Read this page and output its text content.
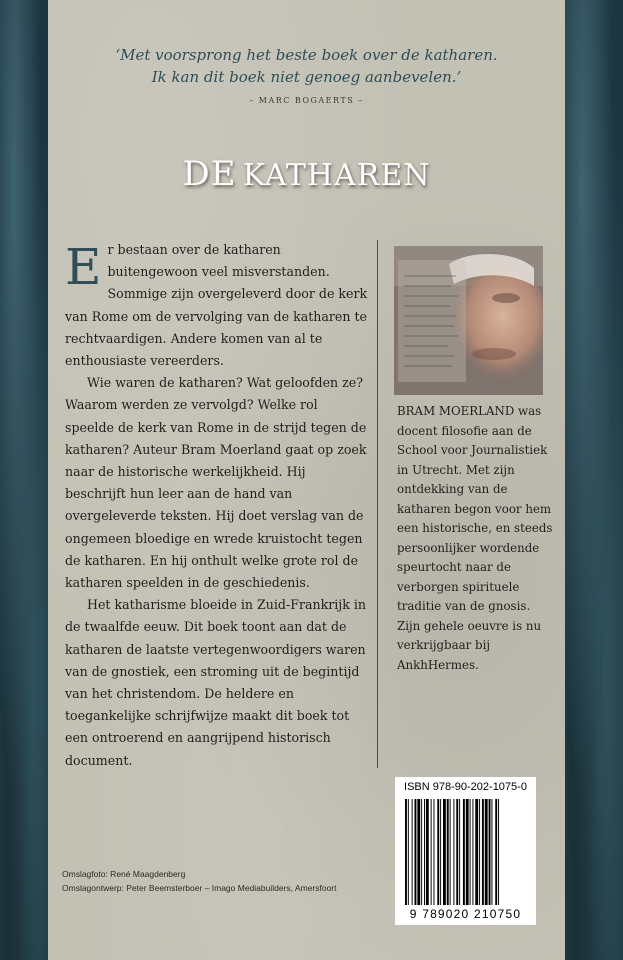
‘Met voorsprong het beste boek over de katharen.
Ik kan dit boek niet genoeg aanbevelen.’
– MARC BOGAERTS –
DE KATHAREN

Er bestaan over de katharen buitengewoon veel misverstanden. Sommige zijn overgeleverd door de kerk van Rome om de vervolging van de katharen te rechtvaardigen. Andere komen van al te enthousiaste vereerders.

Wie waren de katharen? Wat geloofden ze? Waarom werden ze vervolgd? Welke rol speelde de kerk van Rome in de strijd tegen de katharen? Auteur Bram Moerland gaat op zoek naar de historische werkelijkheid. Hij beschrijft hun leer aan de hand van overgeleverde teksten. Hij doet verslag van de ongemeen bloedige en wrede kruistocht tegen de katharen. En hij onthult welke grote rol de katharen speelden in de geschiedenis.

Het katharisme bloeide in Zuid-Frankrijk in de twaalfde eeuw. Dit boek toont aan dat de katharen de laatste vertegenwoordigers waren van de gnostiek, een stroming uit de begintijd van het christendom. De heldere en toegankelijke schrijfwijze maakt dit boek tot een ontroerend en aangrijpend historisch document.

BRAM MOERLAND was docent filosofie aan de School voor Journalistiek in Utrecht. Met zijn ontdekking van de katharen begon voor hem een historische, en steeds persoonlijker wordende speurtocht naar de verborgen spirituele traditie van de gnosis. Zijn gehele oeuvre is nu verkrijgbaar bij AnkhHermes.
ISBN 978-90-202-1075-0
9 789020 210750
Omslagfoto: René Maagdenberg
Omslagontwerp: Peter Beemsterboer – Imago Mediabuilders, Amersfoort
